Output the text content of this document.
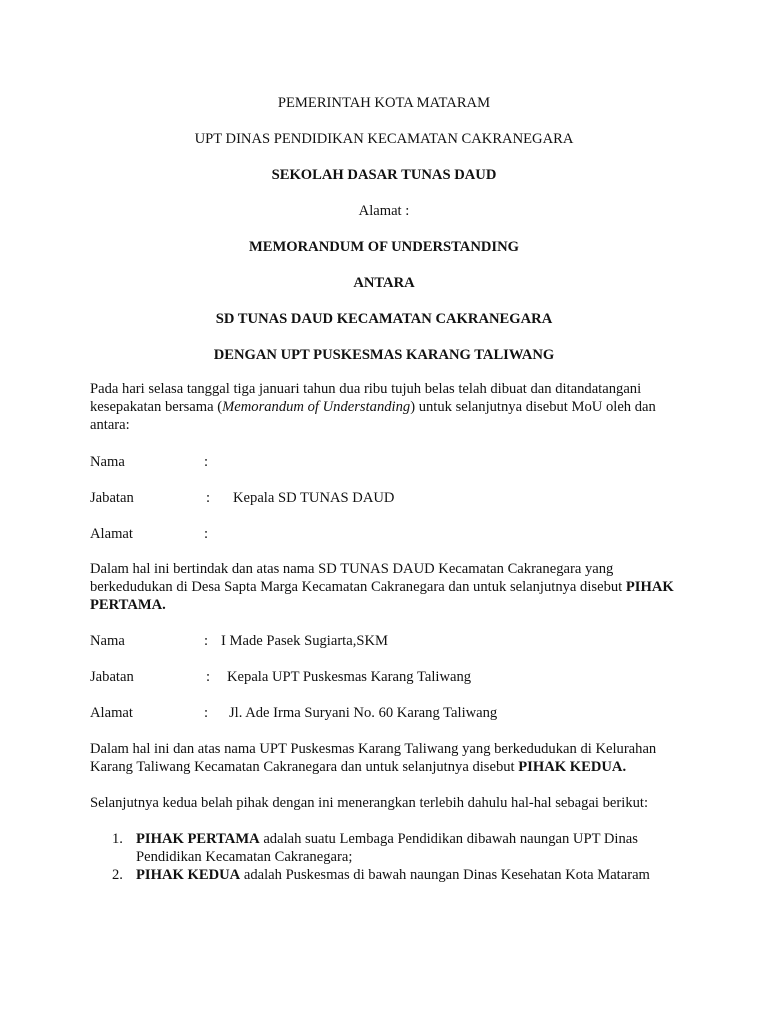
PEMERINTAH KOTA MATARAM
UPT DINAS PENDIDIKAN KECAMATAN CAKRANEGARA
SEKOLAH DASAR TUNAS DAUD
Alamat :
MEMORANDUM OF UNDERSTANDING
ANTARA
SD TUNAS DAUD KECAMATAN CAKRANEGARA
DENGAN UPT PUSKESMAS KARANG TALIWANG

Pada hari selasa tanggal tiga januari tahun dua ribu tujuh belas telah dibuat dan ditandatangani kesepakatan bersama (Memorandum of Understanding) untuk selanjutnya disebut MoU oleh dan antara:

Nama	:
Jabatan	: Kepala SD TUNAS DAUD
Alamat	:

Dalam hal ini bertindak dan atas nama SD TUNAS DAUD Kecamatan Cakranegara yang berkedudukan di Desa Sapta Marga Kecamatan Cakranegara dan untuk selanjutnya disebut PIHAK PERTAMA.

Nama	: I Made Pasek Sugiarta,SKM
Jabatan	: Kepala UPT Puskesmas Karang Taliwang
Alamat	: Jl. Ade Irma Suryani No. 60 Karang Taliwang

Dalam hal ini dan atas nama UPT Puskesmas Karang Taliwang yang berkedudukan di Kelurahan Karang Taliwang Kecamatan Cakranegara dan untuk selanjutnya disebut PIHAK KEDUA.

Selanjutnya kedua belah pihak dengan ini menerangkan terlebih dahulu hal-hal sebagai berikut:

1. PIHAK PERTAMA adalah suatu Lembaga Pendidikan dibawah naungan UPT Dinas Pendidikan Kecamatan Cakranegara;
2. PIHAK KEDUA adalah Puskesmas di bawah naungan Dinas Kesehatan Kota Mataram
